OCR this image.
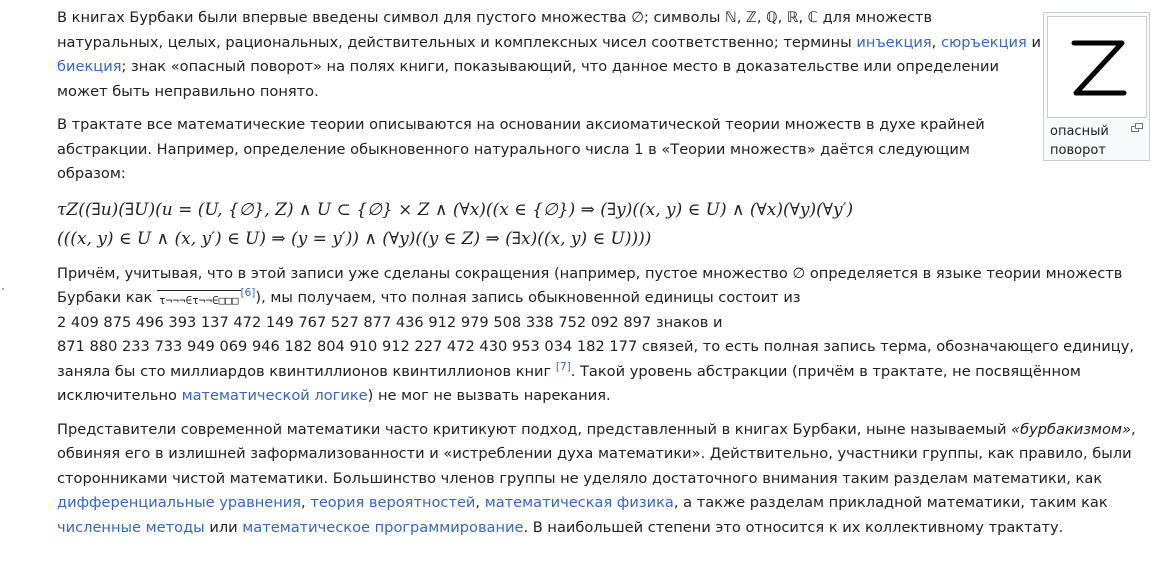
В книгах Бурбаки были впервые введены символ для пустого множества ∅; символы ℕ, ℤ, ℚ, ℝ, ℂ для множеств натуральных, целых, рациональных, действительных и комплексных чисел соответственно; термины инъекция, сюръекция и биекция; знак «опасный поворот» на полях книги, показывающий, что данное место в доказательстве или определении может быть неправильно понято.

В трактате все математические теории описываются на основании аксиоматической теории множеств в духе крайней абстракции. Например, определение обыкновенного натурального числа 1 в «Теории множеств» даётся следующим образом:

τZ((∃u)(∃U)(u = (U, {∅}, Z) ∧ U ⊂ {∅} × Z ∧ (∀x)((x ∈ {∅}) ⇒ (∃y)((x, y) ∈ U) ∧ (∀x)(∀y)(∀y′)
(((x, y) ∈ U ∧ (x, y′) ∈ U) ⇒ (y = y′)) ∧ (∀y)((y ∈ Z) ⇒ (∃x)((x, y) ∈ U))))

Причём, учитывая, что в этой записи уже сделаны сокращения (например, пустое множество ∅ определяется в языке теории множеств Бурбаки как τ¬¬¬∈τ¬¬∈□□□[6]), мы получаем, что полная запись обыкновенной единицы состоит из
2 409 875 496 393 137 472 149 767 527 877 436 912 979 508 338 752 092 897 знаков и
871 880 233 733 949 069 946 182 804 910 912 227 472 430 953 034 182 177 связей, то есть полная запись терма, обозначающего единицу, заняла бы сто миллиардов квинтиллионов квинтиллионов книг [7]. Такой уровень абстракции (причём в трактате, не посвящённом исключительно математической логике) не мог не вызвать нарекания.

Представители современной математики часто критикуют подход, представленный в книгах Бурбаки, ныне называемый «бурбакизмом», обвиняя его в излишней заформализованности и «истреблении духа математики». Действительно, участники группы, как правило, были сторонниками чистой математики. Большинство членов группы не уделяло достаточного внимания таким разделам математики, как дифференциальные уравнения, теория вероятностей, математическая физика, а также разделам прикладной математики, таким как численные методы или математическое программирование. В наибольшей степени это относится к их коллективному трактату.

опасный поворот
